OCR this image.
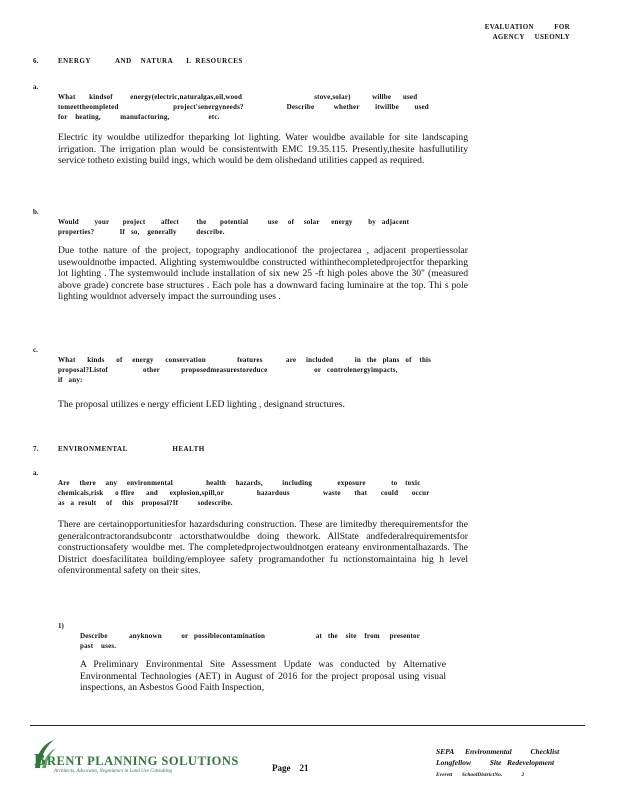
EVALUATION          FOR
AGENCY     USEONLY
6.	ENERGY           AND    NATURA      L  RESOURCES
a.

What       kindsof         energy(electric,naturalgas,oil,wood                                     stove,solar)           willbe      used
tomeettheompleted                            project'senergyneeds?                      Describe          whether        itwillbe        used
for    heating,          manufacturing,                    etc.
Electric ity wouldbe utilizedfor theparking lot lighting. Water wouldbe available for site landscaping irrigation. The irrigation plan would be consistentwith EMC 19.35.115. Presently,thesite hasfullutility service totheto existing build ings, which would be dem olishedand utilities capped as required.
b.

Would        your       project        affect         the       potential          use     of     solar      energy        by   adjacent
properties?             If   so,    generally          describe.
Due tothe nature of the project, topography andlocationof the projectarea , adjacent propertiessolar usewouldnotbe impacted. Alighting systemwouldbe constructed withinthecompletedprojectfor theparking lot lighting . The systemwould include installation of six new 25 -ft high poles above the 30" (measured above grade) concrete base structures . Each pole has a downward facing luminaire at the top. Thi s pole lighting wouldnot adversely impact the surrounding uses .
c.

What      kinds      of     energy      conservation                features            are     included           in   the   plans   of    this
proposal?Listof                  other           proposedmeasurestoreduce                        or   controlenergyimpacts,
if   any:
The proposal utilizes e nergy efficient LED lighting , designand structures.
7.	ENVIRONMENTAL                    HEALTH
a.

Are     there     any     environmental                 health     hazards,          including             exposure             to    toxic
chemicals,risk      o ffire      and      explosion,spill,or                 hazardous                 waste       that       could       occur
as   a  result     of     this    proposal?If          sodescribe.
There are certainopportunitiesfor hazardsduring construction. These are limitedby therequirementsfor the generalcontractorandsubcontr actorsthatwouldbe doing thework. AllState andfederalrequirementsfor constructionsafety wouldbe met. The completedprojectwouldnotgen erateany environmentalhazards. The District doesfacilitatea building/employee safety programandother fu nctionstomaintaina hig h level ofenvironmental safety on their sites.
1)

Describe           anyknown          or   possiblecontamination                          at   the    site    from     presentor
past    uses.
A Preliminary Environmental Site Assessment Update was conducted by Alternative Environmental Technologies (AET) in August of 2016 for the project proposal using visual inspections, an Asbestos Good Faith Inspection,
B RENT PLANNING SOLUTIONS
Architects, Advocates, Negotiators in Land Use Consulting	Page 21

SEPA      Environmental          Checklist
Longfellow          Site   Redevelopment
Everett       SchoolDistrictNo.              2
